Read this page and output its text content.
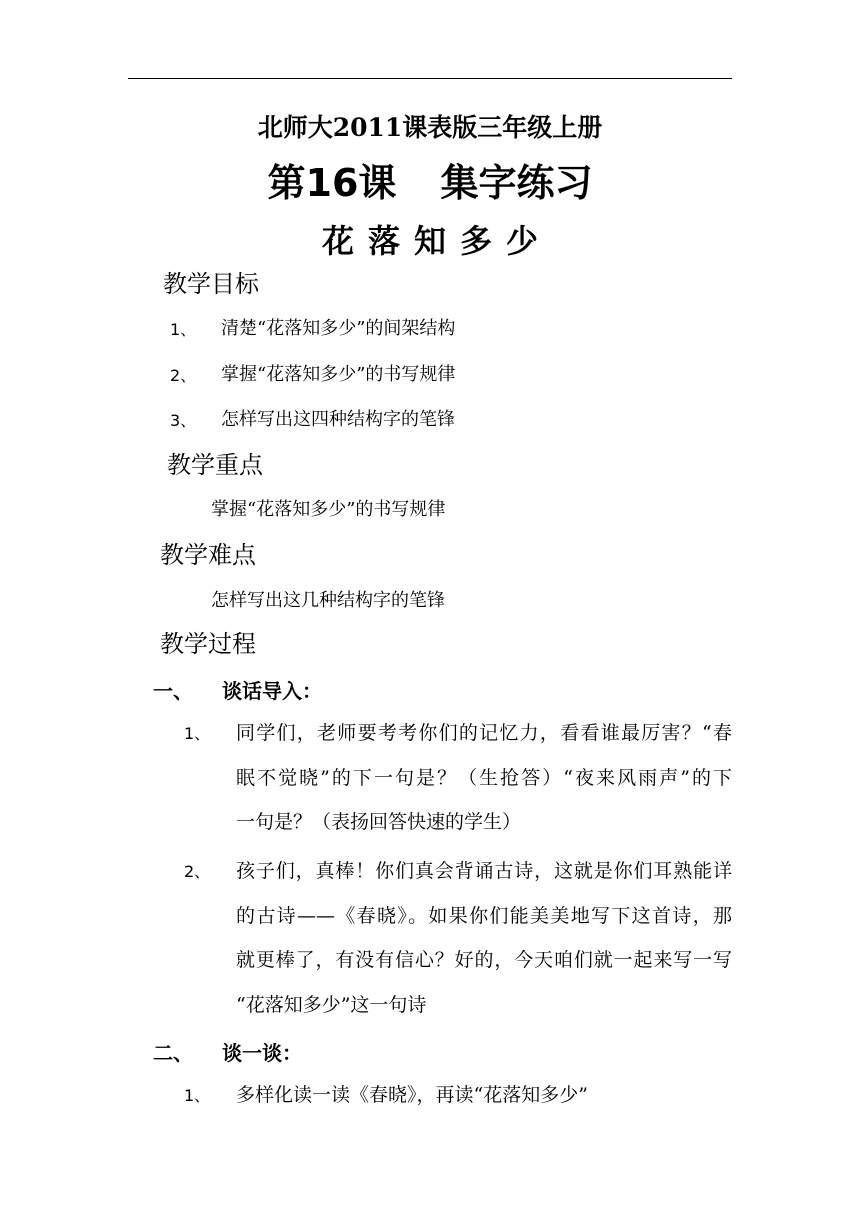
北师大2011课表版三年级上册
第16课 集字练习
花落知多少
教学目标
1、 清楚“花落知多少”的间架结构
2、 掌握“花落知多少”的书写规律
3、 怎样写出这四种结构字的笔锋
教学重点
掌握“花落知多少”的书写规律
教学难点
怎样写出这几种结构字的笔锋
教学过程
一、 谈话导入：
1、 同学们，老师要考考你们的记忆力，看看谁最厉害？“春
眠不觉晓”的下一句是？（生抢答）“夜来风雨声”的下
一句是？（表扬回答快速的学生）
2、 孩子们，真棒！你们真会背诵古诗，这就是你们耳熟能详
的古诗——《春晓》。如果你们能美美地写下这首诗，那
就更棒了，有没有信心？好的，今天咱们就一起来写一写
“花落知多少”这一句诗
二、 谈一谈：
1、 多样化读一读《春晓》，再读“花落知多少”
